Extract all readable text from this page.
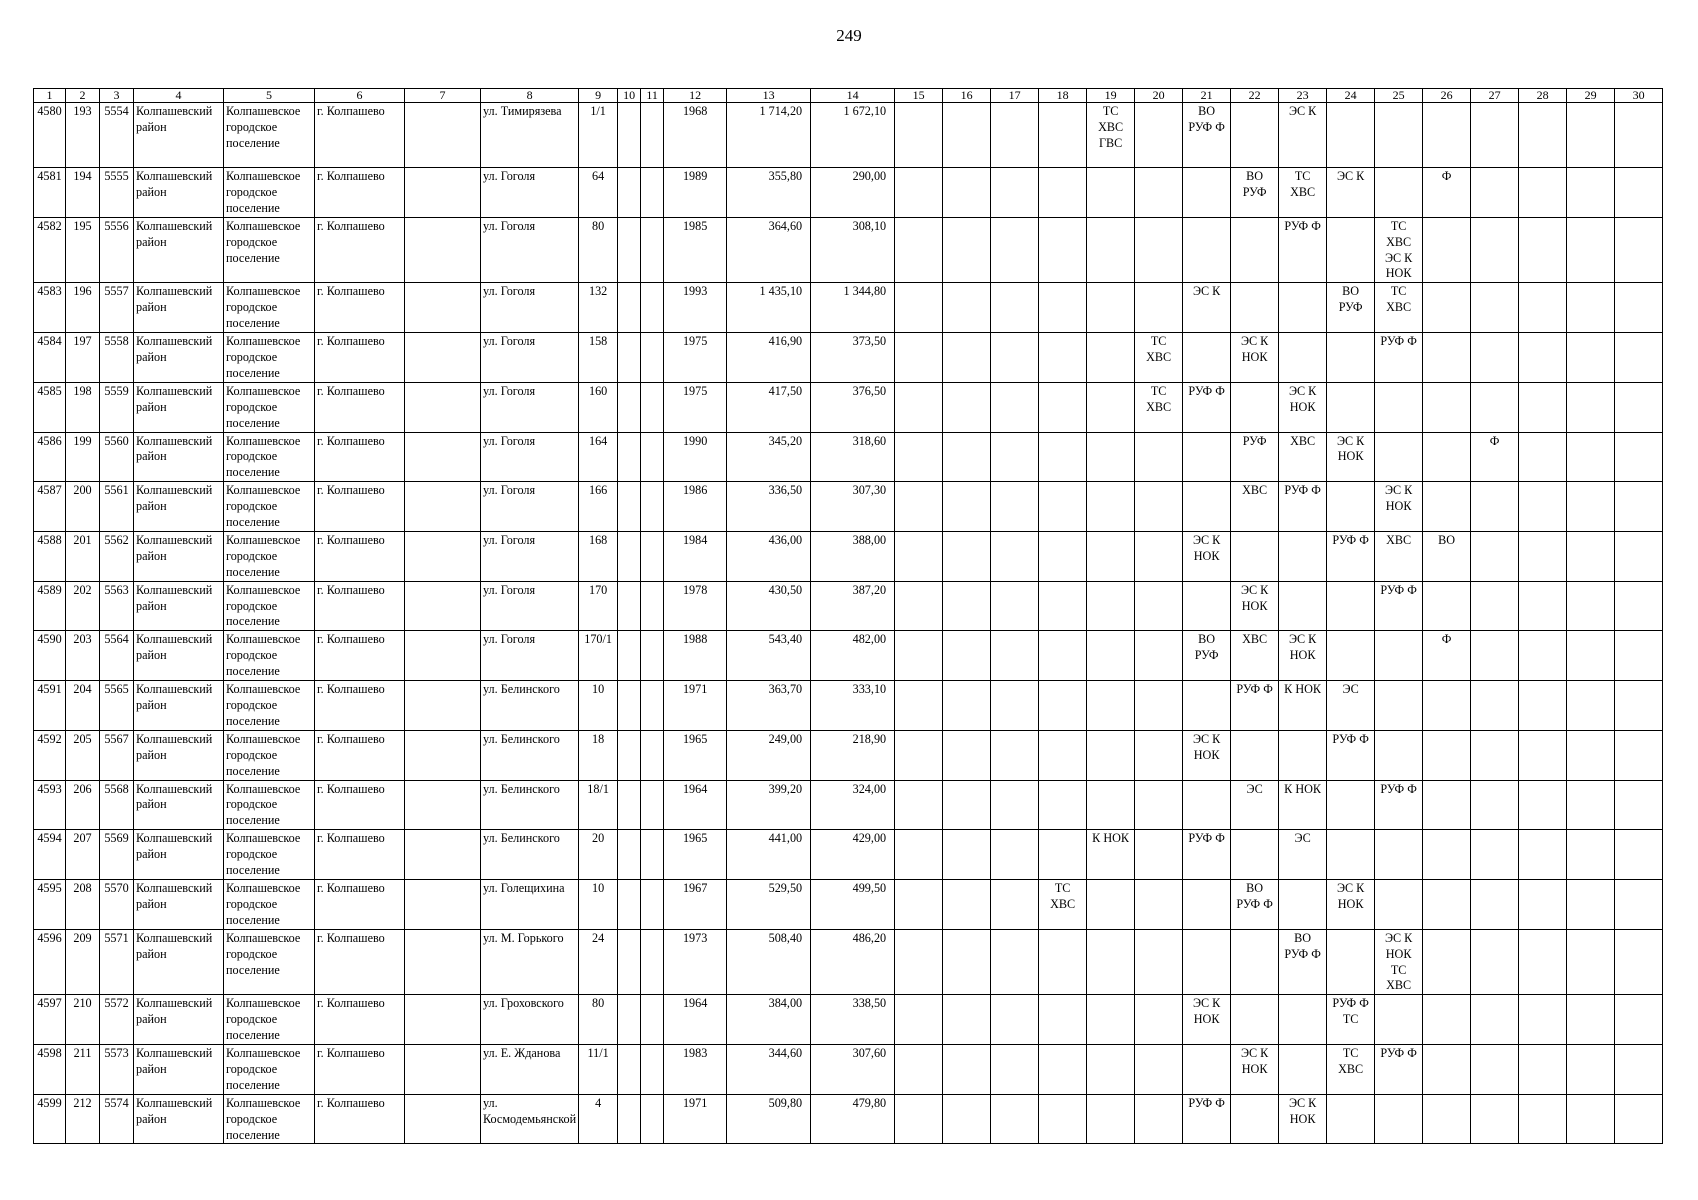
249
1	2	3	4	5	6	7	8	9	10	11	12	13	14	15	16	17	18	19	20	21	22	23	24	25	26	27	28	29	30
4580	193	5554	Колпашевский район	Колпашевское городское поселение	г. Колпашево		ул. Тимирязева	1/1			1968	1 714,20	1 672,10					ТС
ХВС
ГВС		ВО
РУФ Ф		ЭС К							
4581	194	5555	Колпашевский район	Колпашевское городское поселение	г. Колпашево		ул. Гоголя	64			1989	355,80	290,00								ВО
РУФ	ТС
ХВС	ЭС К		Ф				
4582	195	5556	Колпашевский район	Колпашевское городское поселение	г. Колпашево		ул. Гоголя	80			1985	364,60	308,10									РУФ Ф		ТС
ХВС
ЭС К
НОК					
4583	196	5557	Колпашевский район	Колпашевское городское поселение	г. Колпашево		ул. Гоголя	132			1993	1 435,10	1 344,80							ЭС К			ВО
РУФ	ТС
ХВС					
4584	197	5558	Колпашевский район	Колпашевское городское поселение	г. Колпашево		ул. Гоголя	158			1975	416,90	373,50						ТС
ХВС		ЭС К
НОК			РУФ Ф					
4585	198	5559	Колпашевский район	Колпашевское городское поселение	г. Колпашево		ул. Гоголя	160			1975	417,50	376,50						ТС
ХВС	РУФ Ф		ЭС К
НОК							
4586	199	5560	Колпашевский район	Колпашевское городское поселение	г. Колпашево		ул. Гоголя	164			1990	345,20	318,60								РУФ	ХВС	ЭС К
НОК			Ф			
4587	200	5561	Колпашевский район	Колпашевское городское поселение	г. Колпашево		ул. Гоголя	166			1986	336,50	307,30								ХВС	РУФ Ф		ЭС К
НОК					
4588	201	5562	Колпашевский район	Колпашевское городское поселение	г. Колпашево		ул. Гоголя	168			1984	436,00	388,00							ЭС К
НОК			РУФ Ф	ХВС	ВО				
4589	202	5563	Колпашевский район	Колпашевское городское поселение	г. Колпашево		ул. Гоголя	170			1978	430,50	387,20								ЭС К
НОК			РУФ Ф					
4590	203	5564	Колпашевский район	Колпашевское городское поселение	г. Колпашево		ул. Гоголя	170/1			1988	543,40	482,00							ВО
РУФ	ХВС	ЭС К
НОК			Ф				
4591	204	5565	Колпашевский район	Колпашевское городское поселение	г. Колпашево		ул. Белинского	10			1971	363,70	333,10								РУФ Ф	К НОК	ЭС						
4592	205	5567	Колпашевский район	Колпашевское городское поселение	г. Колпашево		ул. Белинского	18			1965	249,00	218,90							ЭС К
НОК			РУФ Ф						
4593	206	5568	Колпашевский район	Колпашевское городское поселение	г. Колпашево		ул. Белинского	18/1			1964	399,20	324,00								ЭС	К НОК		РУФ Ф					
4594	207	5569	Колпашевский район	Колпашевское городское поселение	г. Колпашево		ул. Белинского	20			1965	441,00	429,00					К НОК		РУФ Ф		ЭС							
4595	208	5570	Колпашевский район	Колпашевское городское поселение	г. Колпашево		ул. Голещихина	10			1967	529,50	499,50				ТС
ХВС				ВО
РУФ Ф		ЭС К
НОК						
4596	209	5571	Колпашевский район	Колпашевское городское поселение	г. Колпашево		ул. М. Горького	24			1973	508,40	486,20									ВО
РУФ Ф		ЭС К
НОК
ТС
ХВС					
4597	210	5572	Колпашевский район	Колпашевское городское поселение	г. Колпашево		ул. Гроховского	80			1964	384,00	338,50							ЭС К
НОК			РУФ Ф
ТС						
4598	211	5573	Колпашевский район	Колпашевское городское поселение	г. Колпашево		ул. Е. Жданова	11/1			1983	344,60	307,60								ЭС К
НОК		ТС
ХВС	РУФ Ф					
4599	212	5574	Колпашевский район	Колпашевское городское поселение	г. Колпашево		ул. Космодемьянской	4			1971	509,80	479,80							РУФ Ф		ЭС К
НОК							
